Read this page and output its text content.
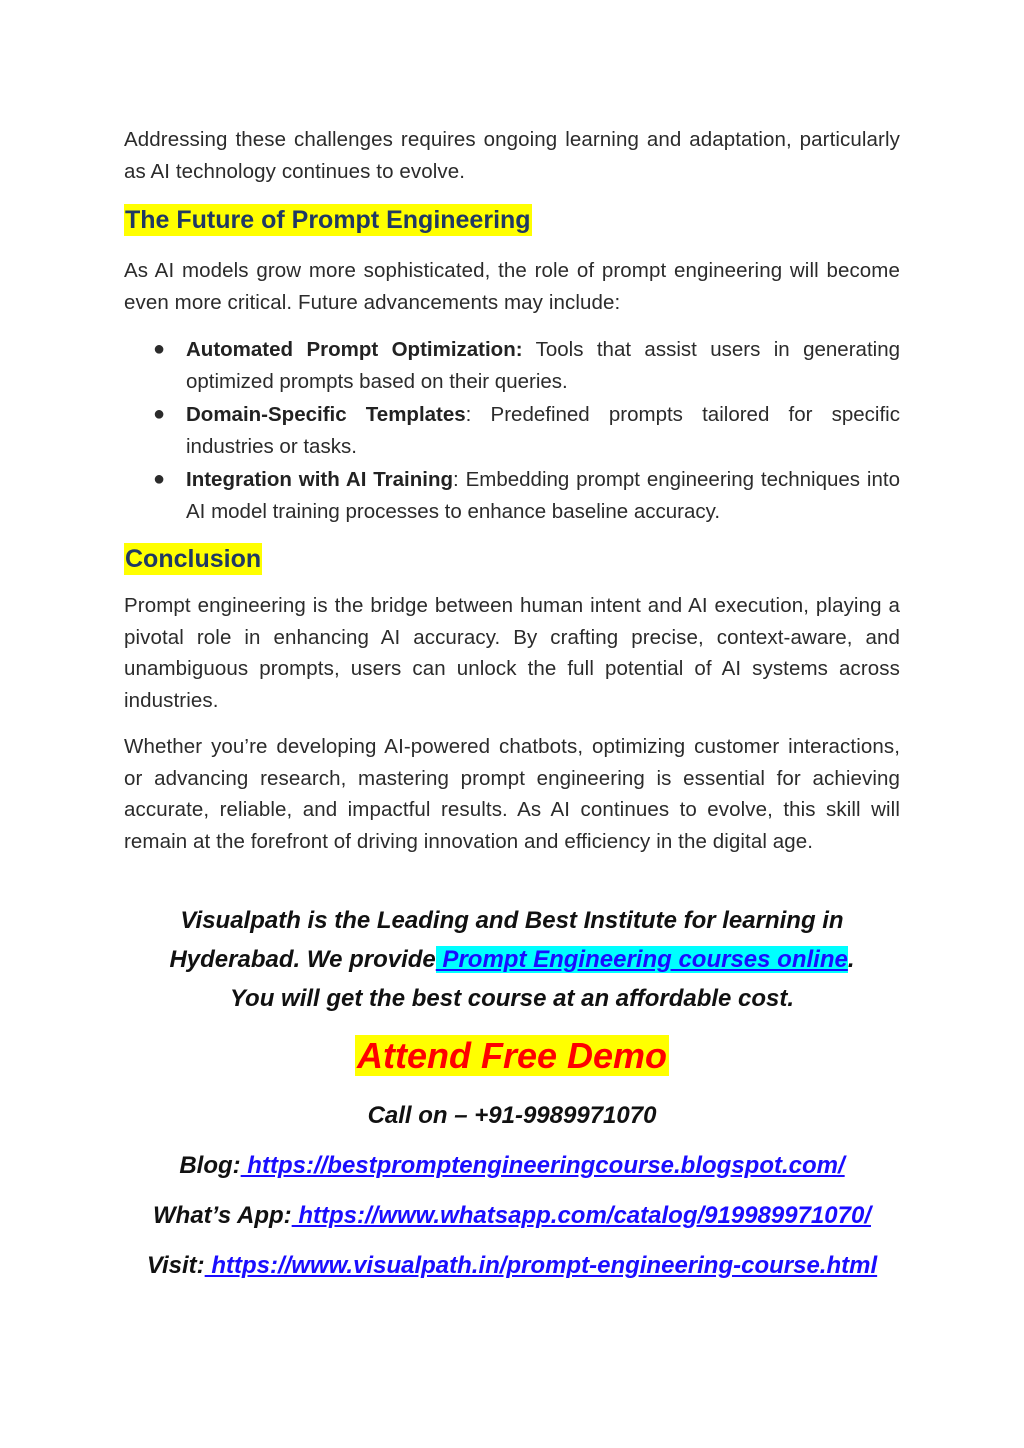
Addressing these challenges requires ongoing learning and adaptation, particularly as AI technology continues to evolve.

The Future of Prompt Engineering

As AI models grow more sophisticated, the role of prompt engineering will become even more critical. Future advancements may include:

● Automated Prompt Optimization: Tools that assist users in generating optimized prompts based on their queries.
● Domain-Specific Templates: Predefined prompts tailored for specific industries or tasks.
● Integration with AI Training: Embedding prompt engineering techniques into AI model training processes to enhance baseline accuracy.
Conclusion

Prompt engineering is the bridge between human intent and AI execution, playing a pivotal role in enhancing AI accuracy. By crafting precise, context-aware, and unambiguous prompts, users can unlock the full potential of AI systems across industries.

Whether you’re developing AI-powered chatbots, optimizing customer interactions, or advancing research, mastering prompt engineering is essential for achieving accurate, reliable, and impactful results. As AI continues to evolve, this skill will remain at the forefront of driving innovation and efficiency in the digital age.

Visualpath is the Leading and Best Institute for learning in
Hyderabad. We provide Prompt Engineering courses online.
You will get the best course at an affordable cost.
Attend Free Demo
Call on – +91-9989971070
Blog: https://bestpromptengineeringcourse.blogspot.com/
What’s App: https://www.whatsapp.com/catalog/919989971070/
Visit: https://www.visualpath.in/prompt-engineering-course.html
